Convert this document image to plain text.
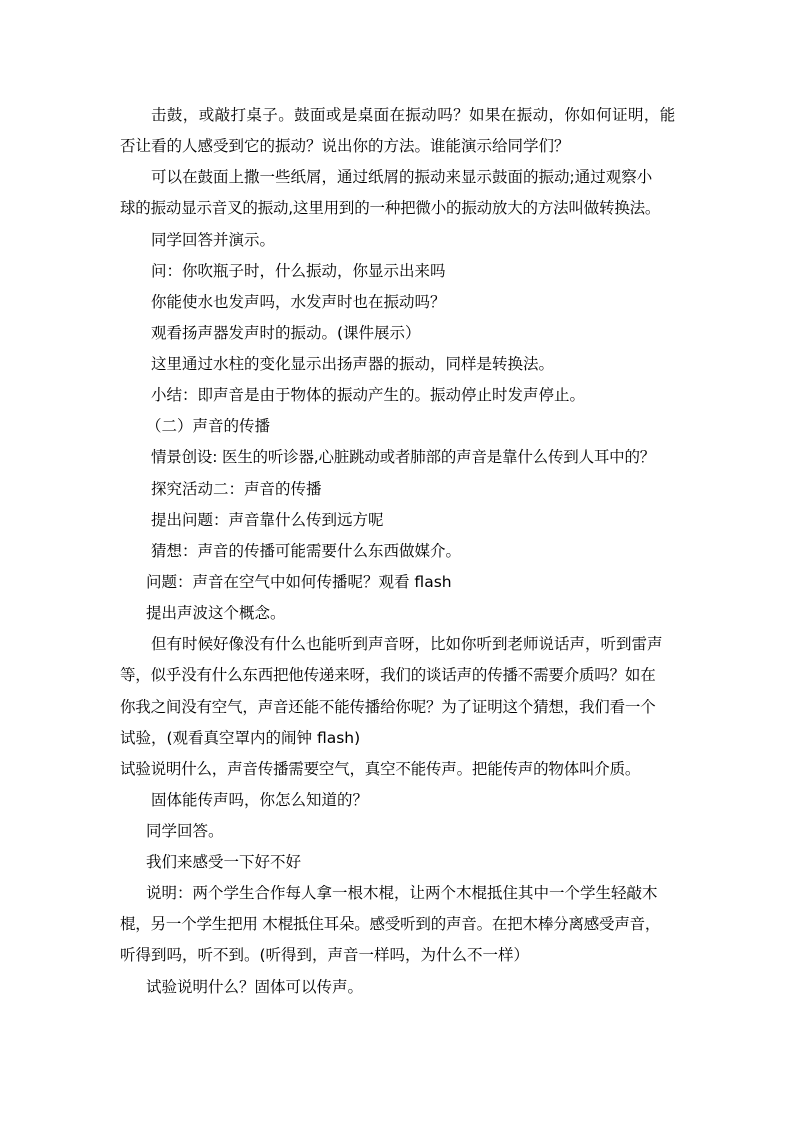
击鼓，或敲打桌子。鼓面或是桌面在振动吗？如果在振动，你如何证明，能
否让看的人感受到它的振动？说出你的方法。谁能演示给同学们？
可以在鼓面上撒一些纸屑，通过纸屑的振动来显示鼓面的振动;通过观察小
球的振动显示音叉的振动,这里用到的一种把微小的振动放大的方法叫做转换法。
同学回答并演示。
问：你吹瓶子时，什么振动，你显示出来吗
你能使水也发声吗，水发声时也在振动吗？
观看扬声器发声时的振动。(课件展示）
这里通过水柱的变化显示出扬声器的振动，同样是转换法。
小结：即声音是由于物体的振动产生的。振动停止时发声停止。
（二）声音的传播
情景创设: 医生的听诊器,心脏跳动或者肺部的声音是靠什么传到人耳中的？
探究活动二：声音的传播
提出问题：声音靠什么传到远方呢
猜想：声音的传播可能需要什么东西做媒介。
问题：声音在空气中如何传播呢？观看 flash
提出声波这个概念。
但有时候好像没有什么也能听到声音呀，比如你听到老师说话声，听到雷声
等，似乎没有什么东西把他传递来呀，我们的谈话声的传播不需要介质吗？如在
你我之间没有空气，声音还能不能传播给你呢？为了证明这个猜想，我们看一个
试验，(观看真空罩内的闹钟 flash)
试验说明什么，声音传播需要空气，真空不能传声。把能传声的物体叫介质。
固体能传声吗，你怎么知道的？
同学回答。
我们来感受一下好不好
说明：两个学生合作每人拿一根木棍，让两个木棍抵住其中一个学生轻敲木
棍，另一个学生把用 木棍抵住耳朵。感受听到的声音。在把木棒分离感受声音，
听得到吗，听不到。(听得到，声音一样吗，为什么不一样）
试验说明什么？固体可以传声。
